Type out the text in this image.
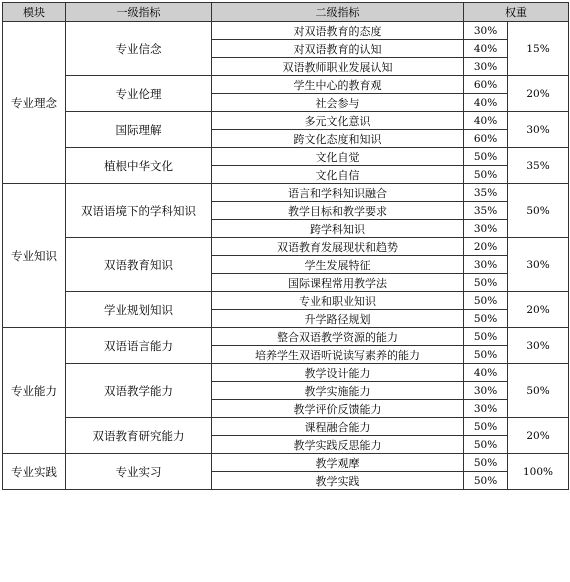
模块	一级指标	二级指标	权重	
专业理念	专业信念	对双语教育的态度	30%	15%
		对双语教育的认知	40%	
		双语教师职业发展认知	30%	
	专业伦理	学生中心的教育观	60%	20%
		社会参与	40%	
	国际理解	多元文化意识	40%	30%
		跨文化态度和知识	60%	
	植根中华文化	文化自觉	50%	35%
		文化自信	50%	
专业知识	双语语境下的学科知识	语言和学科知识融合	35%	50%
		教学目标和教学要求	35%	
		跨学科知识	30%	
	双语教育知识	双语教育发展现状和趋势	20%	30%
		学生发展特征	30%	
		国际课程常用教学法	50%	
	学业规划知识	专业和职业知识	50%	20%
		升学路径规划	50%	
专业能力	双语语言能力	整合双语教学资源的能力	50%	30%
		培养学生双语听说读写素养的能力	50%	
	双语教学能力	教学设计能力	40%	50%
		教学实施能力	30%	
		教学评价反馈能力	30%	
	双语教育研究能力	课程融合能力	50%	20%
		教学实践反思能力	50%	
专业实践	专业实习	教学观摩	50%	100%
		教学实践	50%	
